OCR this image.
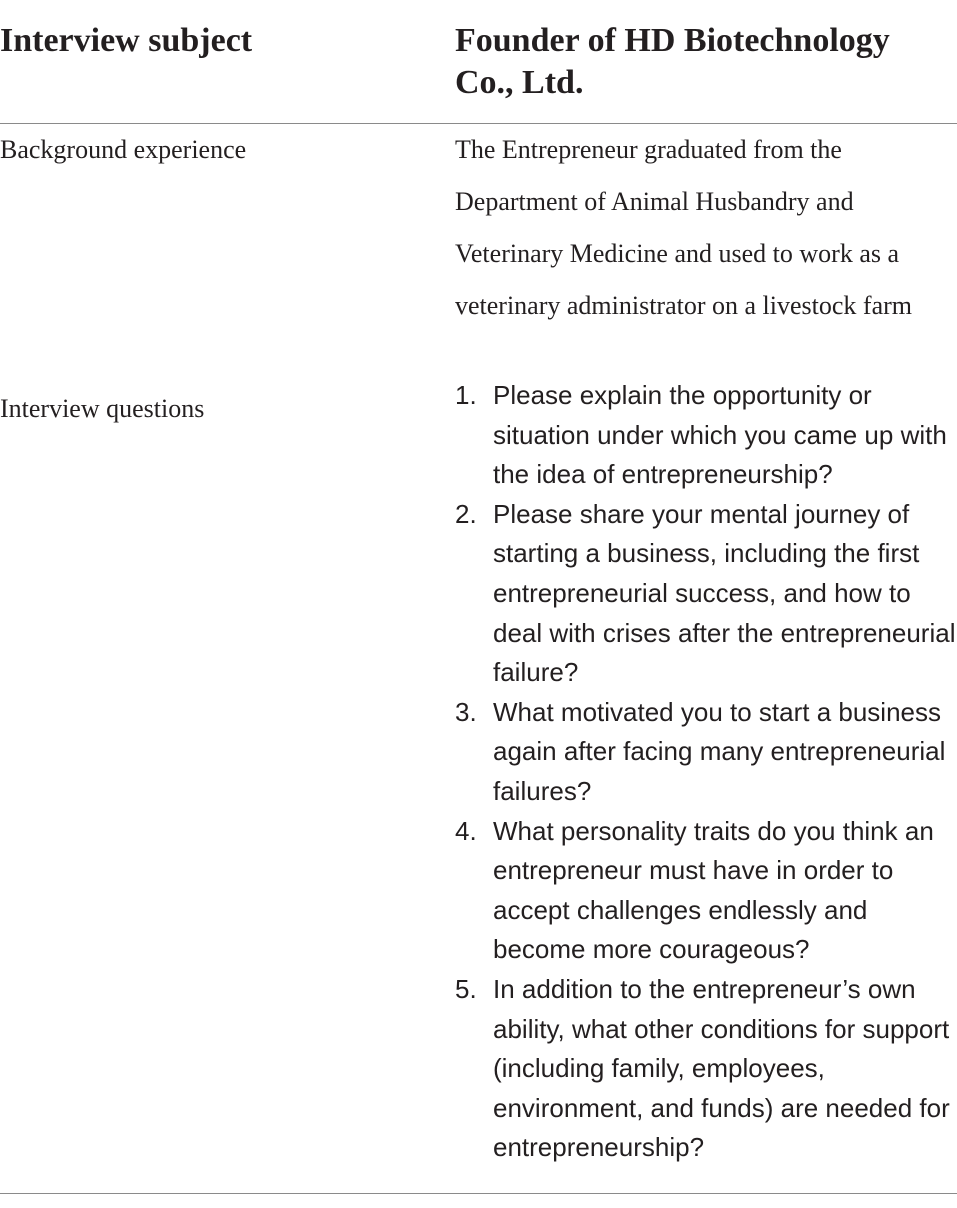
Interview subject	Founder of HD Biotechnology Co., Ltd.
Background experience	The Entrepreneur graduated from the Department of Animal Husbandry and Veterinary Medicine and used to work as a veterinary administrator on a livestock farm
Interview questions	1. Please explain the opportunity or situation under which you came up with the idea of entrepreneurship?
2. Please share your mental journey of starting a business, including the first entrepreneurial success, and how to deal with crises after the entrepreneurial failure?
3. What motivated you to start a business again after facing many entrepreneurial failures?
4. What personality traits do you think an entrepreneur must have in order to accept challenges endlessly and become more courageous?
5. In addition to the entrepreneur’s own ability, what other conditions for support (including family, employees, environment, and funds) are needed for entrepreneurship?
